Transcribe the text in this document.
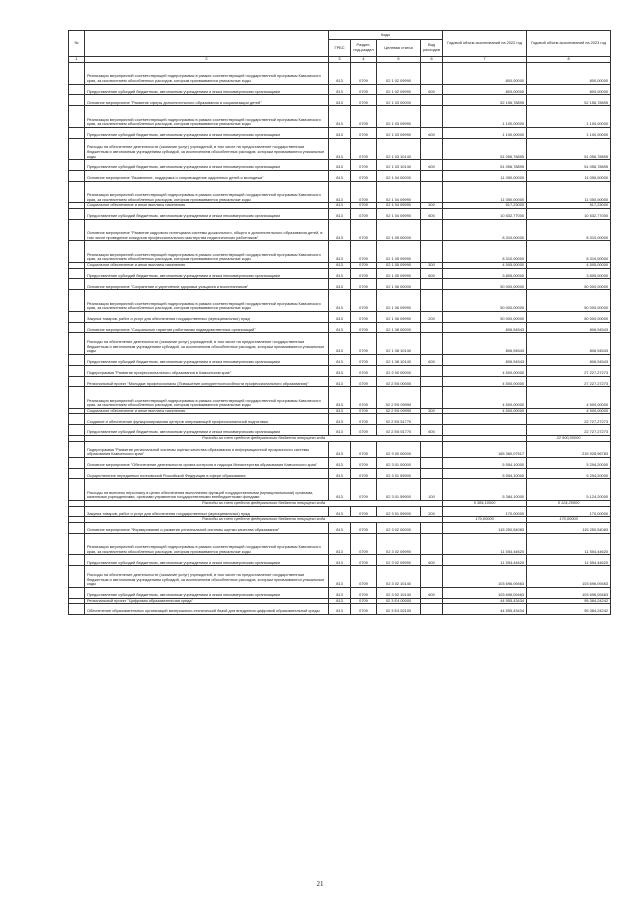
№		Коды				Годовой объем ассигнований на 2022 год	Годовой объем ассигнований на 2023 год
		ГРБС	Раздел, под-раздел	Целевая статья	Вид расходов		
1	2	3	4	5	6	7	8
	Реализация мероприятий соответствующей подпрограммы в рамках соответствующей государственной программы Камчатского края, за исключением обособленных расходов, которым присваиваются уникальные коды	813	0709	02 1 02 09990		800,00000	800,00000
	Предоставление субсидий бюджетным, автономным учреждениям и иным некоммерческим организациям	813	0709	02 1 02 09990	600	800,00000	800,00000
	Основное мероприятие "Развитие сферы дополнительного образования и социализации детей"	813	0709	02 1 03 00000		52 156,78895	52 156,78895
	Реализация мероприятий соответствующей подпрограммы в рамках соответствующей государственной программы Камчатского края, за исключением обособленных расходов, которым присваиваются уникальные коды	813	0709	02 1 03 09990		1 100,00000	1 100,00000
	Предоставление субсидий бюджетным, автономным учреждениям и иным некоммерческим организациям	813	0709	02 1 03 09990	600	1 100,00000	1 100,00000
	Расходы на обеспечение деятельности (оказание услуг) учреждений, в том числе на предоставление государственным бюджетным и автономным учреждениям субсидий, за исключением обособленных расходов, которым присваиваются уникальные коды	813	0709	02 1 03 10140		51 056,78895	51 056,78895
	Предоставление субсидий бюджетным, автономным учреждениям и иным некоммерческим организациям	813	0709	02 1 03 10140	600	51 056,78895	51 056,78895
	Основное мероприятие "Выявление, поддержка и сопровождение одаренных детей и молодежи"	813	0709	02 1 04 00000		11 050,00000	11 050,00000
	Реализация мероприятий соответствующей подпрограммы в рамках соответствующей государственной программы Камчатского края, за исключением обособленных расходов, которым присваиваются уникальные коды	813	0709	02 1 04 09990		11 050,00000	11 050,00000
	Социальное обеспечение и иные выплаты населению	813	0709	02 1 04 09990	300	517,23000	517,23000
	Предоставление субсидий бюджетным, автономным учреждениям и иным некоммерческим организациям	813	0709	02 1 04 09990	600	10 532,77000	10 532,77000
	Основное мероприятие "Развитие кадрового потенциала системы дошкольного, общего и дополнительного образования детей, в том числе проведение конкурсов профессионального мастерства педагогических работников"	813	0709	02 1 05 00000		8 310,00000	8 310,00000
	Реализация мероприятий соответствующей подпрограммы в рамках соответствующей государственной программы Камчатского края, за исключением обособленных расходов, которым присваиваются уникальные коды	813	0709	02 1 05 09990		8 310,00000	8 310,00000
	Социальное обеспечение и иные выплаты населению	813	0709	02 1 05 09990	300	4 505,00000	4 505,00000
	Предоставление субсидий бюджетным, автономным учреждениям и иным некоммерческим организациям	813	0709	02 1 05 09990	600	3 805,00000	3 805,00000
	Основное мероприятие "Сохранение и укрепление здоровья учащихся и воспитанников"	813	0709	02 1 06 00000		50 000,00000	50 000,00000
	Реализация мероприятий соответствующей подпрограммы в рамках соответствующей государственной программы Камчатского края, за исключением обособленных расходов, которым присваиваются уникальные коды	813	0709	02 1 06 09990		50 000,00000	50 000,00000
	Закупка товаров, работ и услуг для обеспечения государственных (муниципальных) нужд	813	0709	02 1 06 09990	200	50 000,00000	50 000,00000
	Основное мероприятие "Социальные гарантии работникам подведомственных организаций"	813	0709	02 1 08 00000		806,94543	806,94543
	Расходы на обеспечение деятельности (оказание услуг) учреждений, в том числе на предоставление государственным бюджетным и автономным учреждениям субсидий, за исключением обособленных расходов, которым присваиваются уникальные коды	813	0709	02 1 08 10140		806,94543	806,94543
	Предоставление субсидий бюджетным, автономным учреждениям и иным некоммерческим организациям	813	0709	02 1 08 10140	600	806,94543	806,94543
	Подпрограмма "Развитие профессионального образования в Камчатском крае"	813	0709	02 2 00 00000		4 500,00000	27 227,27273
	Региональный проект "Молодые профессионалы (Повышение конкурентоспособности профессионального образования)"	813	0709	02 2 E6 00000		4 500,00000	27 227,27273
	Реализация мероприятий соответствующей подпрограммы в рамках соответствующей государственной программы Камчатского края, за исключением обособленных расходов, которым присваиваются уникальные коды	813	0709	02 2 E6 09990		4 500,00000	4 500,00000
	Социальное обеспечение и иные выплаты населению	813	0709	02 2 E6 09990	300	4 500,00000	4 500,00000
	Создание и обеспечение функционирования центров опережающей профессиональной подготовки	813	0709	02 2 E6 51770			22 727,27273
	Предоставление субсидий бюджетным, автономным учреждениям и иным некоммерческим организациям	813	0709	02 2 E6 51770	600		22 727,27273
	Расходы за счет средств федерального бюджета текущего года						22 500,00000
	Подпрограмма "Развитие региональной системы оценки качества образования и информационной прозрачности системы образования Камчатского края"	813	0709	02 3 00 00000		165 360,07517	215 928,96783
	Основное мероприятие "Обеспечение деятельности органа контроля и надзора Министерства образования Камчатского края"	813	0709	02 3 01 00000		5 554,10000	5 294,20000
	Осуществление переданных полномочий Российской Федерации в сфере образования	813	0709	02 3 01 59900		5 554,10000	5 294,20000
	Расходы на выплаты персоналу в целях обеспечения выполнения функций государственными (муниципальными) органами, казенными учреждениями, органами управления государственными внебюджетными фондами	813	0709	02 3 01 59900	100	5 384,10000	5 124,20000
	Расходы за счет средств федерального бюджета текущего года					5 384,10000	5 124,20000
	Закупка товаров, работ и услуг для обеспечения государственных (муниципальных) нужд	813	0709	02 3 01 59900	200	170,00000	170,00000
	Расходы за счет средств федерального бюджета текущего года					170,00000	170,00000
	Основное мероприятие "Формирование и развитие региональной системы оценки качества образования"	813	0709	02 3 02 00000		115 250,54083	115 250,54083
	Реализация мероприятий соответствующей подпрограммы в рамках соответствующей государственной программы Камчатского края, за исключением обособленных расходов, которым присваиваются уникальные коды	813	0709	02 3 02 09990		11 554,44620	11 554,44620
	Предоставление субсидий бюджетным, автономным учреждениям и иным некоммерческим организациям	813	0709	02 3 02 09990	600	11 554,44620	11 554,44620
	Расходы на обеспечение деятельности (оказание услуг) учреждений, в том числе на предоставление государственным бюджетным и автономным учреждениям субсидий, за исключением обособленных расходов, которым присваиваются уникальные коды	813	0709	02 3 02 10140		103 696,09463	103 696,09463
	Предоставление субсидий бюджетным, автономным учреждениям и иным некоммерческим организациям	813	0709	02 3 02 10140	600	103 696,09463	103 696,09463
	Региональный проект "Цифровая образовательная среда"	813	0709	02 3 E4 00000		44 555,43434	95 384,24242
	Обеспечение образовательных организаций материально-технической базой для внедрения цифровой образовательной среды	813	0709	02 3 E4 52100		44 555,43434	95 384,24242
21
